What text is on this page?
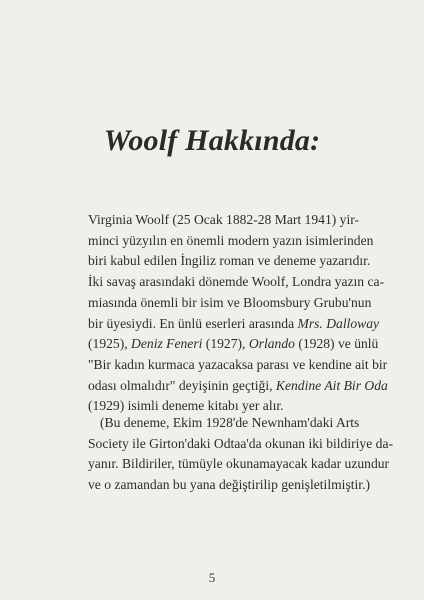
Woolf Hakkında:
Virginia Woolf (25 Ocak 1882-28 Mart 1941) yir-
minci yüzyılın en önemli modern yazın isimlerinden
biri kabul edilen İngiliz roman ve deneme yazarıdır.
İki savaş arasındaki dönemde Woolf, Londra yazın ca-
miasında önemli bir isim ve Bloomsbury Grubu'nun
bir üyesiydi. En ünlü eserleri arasında Mrs. Dalloway
(1925), Deniz Feneri (1927), Orlando (1928) ve ünlü
"Bir kadın kurmaca yazacaksa parası ve kendine ait bir
odası olmalıdır" deyişinin geçtiği, Kendine Ait Bir Oda
(1929) isimli deneme kitabı yer alır.
(Bu deneme, Ekim 1928'de Newnham'daki Arts
Society ile Girton'daki Odtaa'da okunan iki bildiriye da-
yanır. Bildiriler, tümüyle okunamayacak kadar uzundur
ve o zamandan bu yana değiştirilip genişletilmiştir.)
5
